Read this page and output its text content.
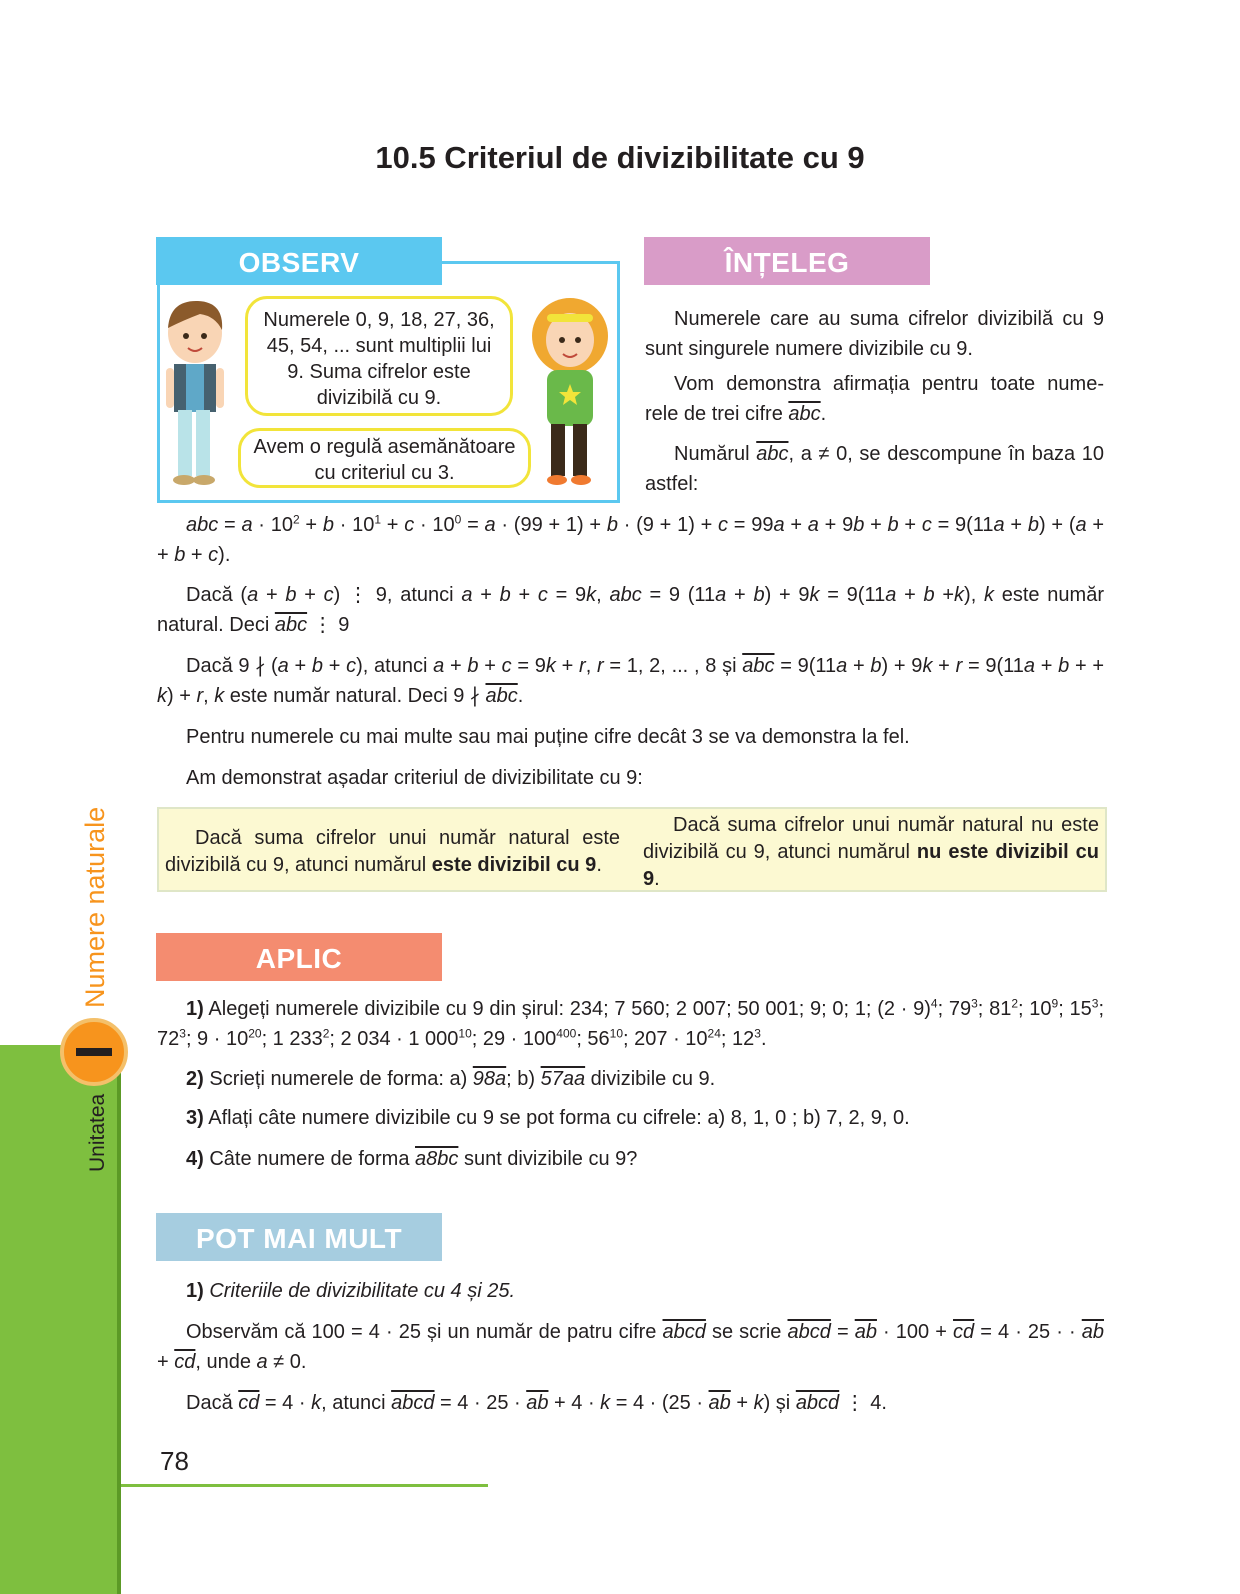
10.5 Criteriul de divizibilitate cu 9
OBSERV
Numerele 0, 9, 18, 27, 36, 45, 54, ... sunt multiplii lui 9. Suma cifrelor este divizibilă cu 9.
Avem o regulă asemănătoare cu criteriul cu 3.
ÎNȚELEG
Numerele care au suma cifrelor divizibilă cu 9 sunt singurele numere divizibile cu 9.
Vom demonstra afirmația pentru toate nume-rele de trei cifre $\overline{abc}$.
Numărul $\overline{abc}$, a ≠ 0, se descompune în baza 10 astfel:
abc = $a \cdot 10^2 + b \cdot 10^1 + c \cdot 10^0 = a \cdot (99 + 1) + b \cdot (9 + 1) + c = 99a + a + 9b + b + c = 9(11a + b) + (a$ + + b + c).
Dacă (a + b + c) ⋮ 9, atunci a + b + c = 9k, abc = 9 (11a + b) + 9k = 9(11a + b +k), k este număr natural. Deci $\overline{abc}$ ⋮ 9
Dacă 9 ∤ (a + b + c), atunci a + b + c = 9k + r, r = 1, 2, ... , 8 și $\overline{abc} = 9(11a + b) + 9k + r = 9(11a + b$ + + k) + r, k este număr natural. Deci 9 ∤ $\overline{abc}$.
Pentru numerele cu mai multe sau mai puține cifre decât 3 se va demonstra la fel.
Am demonstrat așadar criteriul de divizibilitate cu 9:
Dacă suma cifrelor unui număr natural este divizibilă cu 9, atunci numărul este divizibil cu 9.
Dacă suma cifrelor unui număr natural nu este divizibilă cu 9, atunci numărul nu este divizibil cu 9.
APLIC
1) Alegeți numerele divizibile cu 9 din șirul: 234; 7 560; 2 007; 50 001; 9; 0; 1; $(2 \cdot 9)^4$; $79^3$; $81^2$; $10^9$; $15^3$; $72^3$; $9 \cdot 10^{20}$; 1 $233^2$; 2 034 · 1 $000^{10}$; $29 \cdot 100^{400}$; $56^{10}$; $207 \cdot 10^{24}$; $12^3$.
2) Scrieți numerele de forma: a) 98a; b) 57aa divizibile cu 9.
3) Aflați câte numere divizibile cu 9 se pot forma cu cifrele: a) 8, 1, 0 ; b) 7, 2, 9, 0.
4) Câte numere de forma a8bc sunt divizibile cu 9?
POT MAI MULT
1) Criteriile de divizibilitate cu 4 și 25.
Observăm că 100 = 4 · 25 și un număr de patru cifre abcd se scrie abcd = $\overline{ab} \cdot 100 + \overline{cd} = 4 \cdot 25$ · · $\overline{ab} + \overline{cd}$, unde a ≠ 0.
Dacă $\overline{cd} = 4 \cdot k$, atunci abcd = $4 \cdot 25 \cdot \overline{ab} + 4 \cdot k = 4 \cdot (25 \cdot \overline{ab} + k)$ și abcd ⋮ 4.
78
Numere naturale
Unitatea
